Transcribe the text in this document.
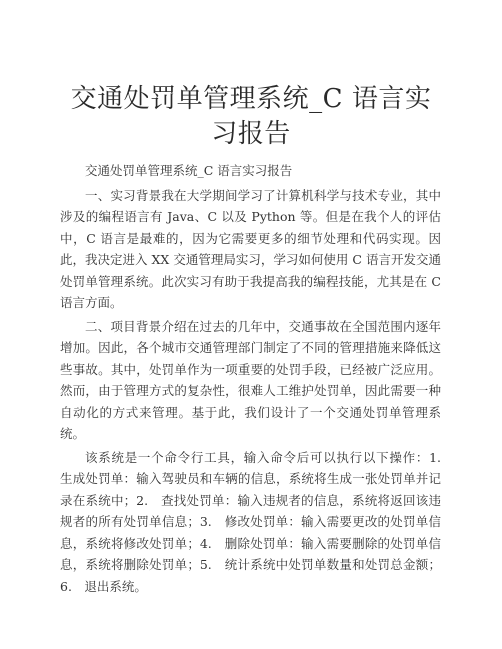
交通处罚单管理系统_C 语言实习报告

交通处罚单管理系统_C 语言实习报告

一、实习背景我在大学期间学习了计算机科学与技术专业，其中涉及的编程语言有 Java、C 以及 Python 等。但是在我个人的评估中，C 语言是最难的，因为它需要更多的细节处理和代码实现。因此，我决定进入 XX 交通管理局实习，学习如何使用 C 语言开发交通处罚单管理系统。此次实习有助于我提高我的编程技能，尤其是在 C 语言方面。

二、项目背景介绍在过去的几年中，交通事故在全国范围内逐年增加。因此，各个城市交通管理部门制定了不同的管理措施来降低这些事故。其中，处罚单作为一项重要的处罚手段，已经被广泛应用。然而，由于管理方式的复杂性，很难人工维护处罚单，因此需要一种自动化的方式来管理。基于此，我们设计了一个交通处罚单管理系统。

该系统是一个命令行工具，输入命令后可以执行以下操作：1.　生成处罚单：输入驾驶员和车辆的信息，系统将生成一张处罚单并记录在系统中；2.　查找处罚单：输入违规者的信息，系统将返回该违规者的所有处罚单信息；3.　修改处罚单：输入需要更改的处罚单信息，系统将修改处罚单；4.　删除处罚单：输入需要删除的处罚单信息，系统将删除处罚单；5.　统计系统中处罚单数量和处罚总金额；6.　退出系统。
